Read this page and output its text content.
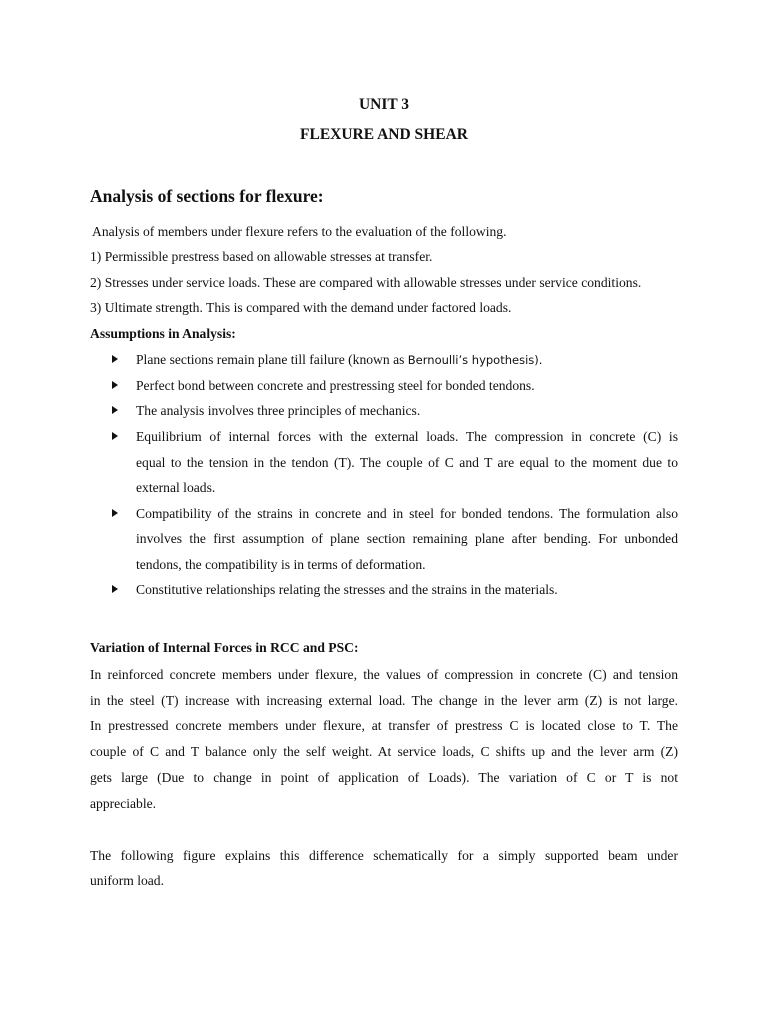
UNIT 3
FLEXURE AND SHEAR
Analysis of sections for flexure:
Analysis of members under flexure refers to the evaluation of the following.
1) Permissible prestress based on allowable stresses at transfer.
2) Stresses under service loads. These are compared with allowable stresses under service conditions.
3) Ultimate strength. This is compared with the demand under factored loads.
Assumptions in Analysis:
Plane sections remain plane till failure (known as Bernoulli’s hypothesis).
Perfect bond between concrete and prestressing steel for bonded tendons.
The analysis involves three principles of mechanics.
Equilibrium of internal forces with the external loads. The compression in concrete (C) is
equal to the tension in the tendon (T). The couple of C and T are equal to the moment due to
external loads.
Compatibility of the strains in concrete and in steel for bonded tendons. The formulation also
involves the first assumption of plane section remaining plane after bending. For unbonded
tendons, the compatibility is in terms of deformation.
Constitutive relationships relating the stresses and the strains in the materials.
Variation of Internal Forces in RCC and PSC:
In reinforced concrete members under flexure, the values of compression in concrete (C) and tension
in the steel (T) increase with increasing external load. The change in the lever arm (Z) is not large.
In prestressed concrete members under flexure, at transfer of prestress C is located close to T. The
couple of C and T balance only the self weight. At service loads, C shifts up and the lever arm (Z)
gets large (Due to change in point of application of Loads). The variation of C or T is not
appreciable.
The following figure explains this difference schematically for a simply supported beam under
uniform load.
